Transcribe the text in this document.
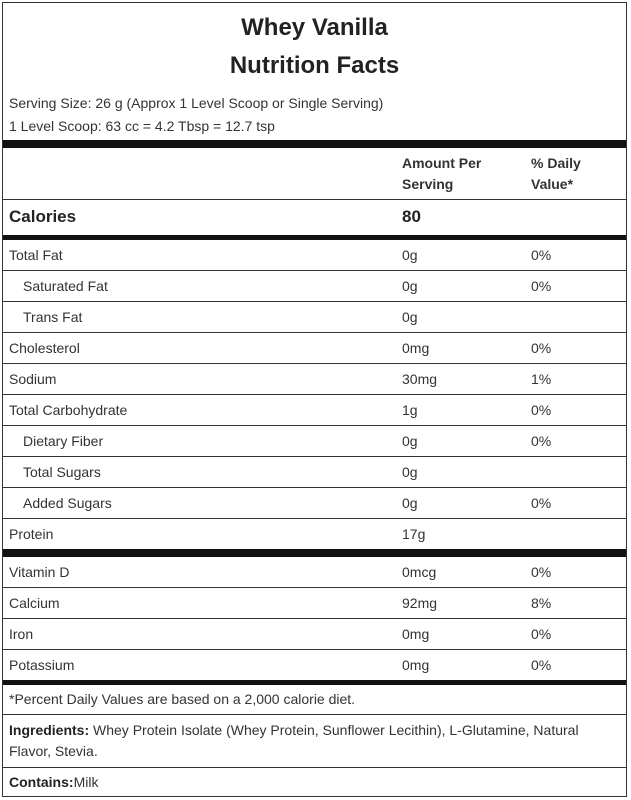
Whey Vanilla
Nutrition Facts
Serving Size: 26 g (Approx 1 Level Scoop or Single Serving)
1 Level Scoop: 63 cc = 4.2 Tbsp = 12.7 tsp
Amount Per
Serving
% Daily
Value*
Calories	80
Total Fat	0g	0%
Saturated Fat	0g	0%
Trans Fat	0g
Cholesterol	0mg	0%
Sodium	30mg	1%
Total Carbohydrate	1g	0%
Dietary Fiber	0g	0%
Total Sugars	0g
Added Sugars	0g	0%
Protein	17g
Vitamin D	0mcg	0%
Calcium	92mg	8%
Iron	0mg	0%
Potassium	0mg	0%
*Percent Daily Values are based on a 2,000 calorie diet.
Ingredients: Whey Protein Isolate (Whey Protein, Sunflower Lecithin), L-Glutamine, Natural Flavor, Stevia.
Contains:Milk
